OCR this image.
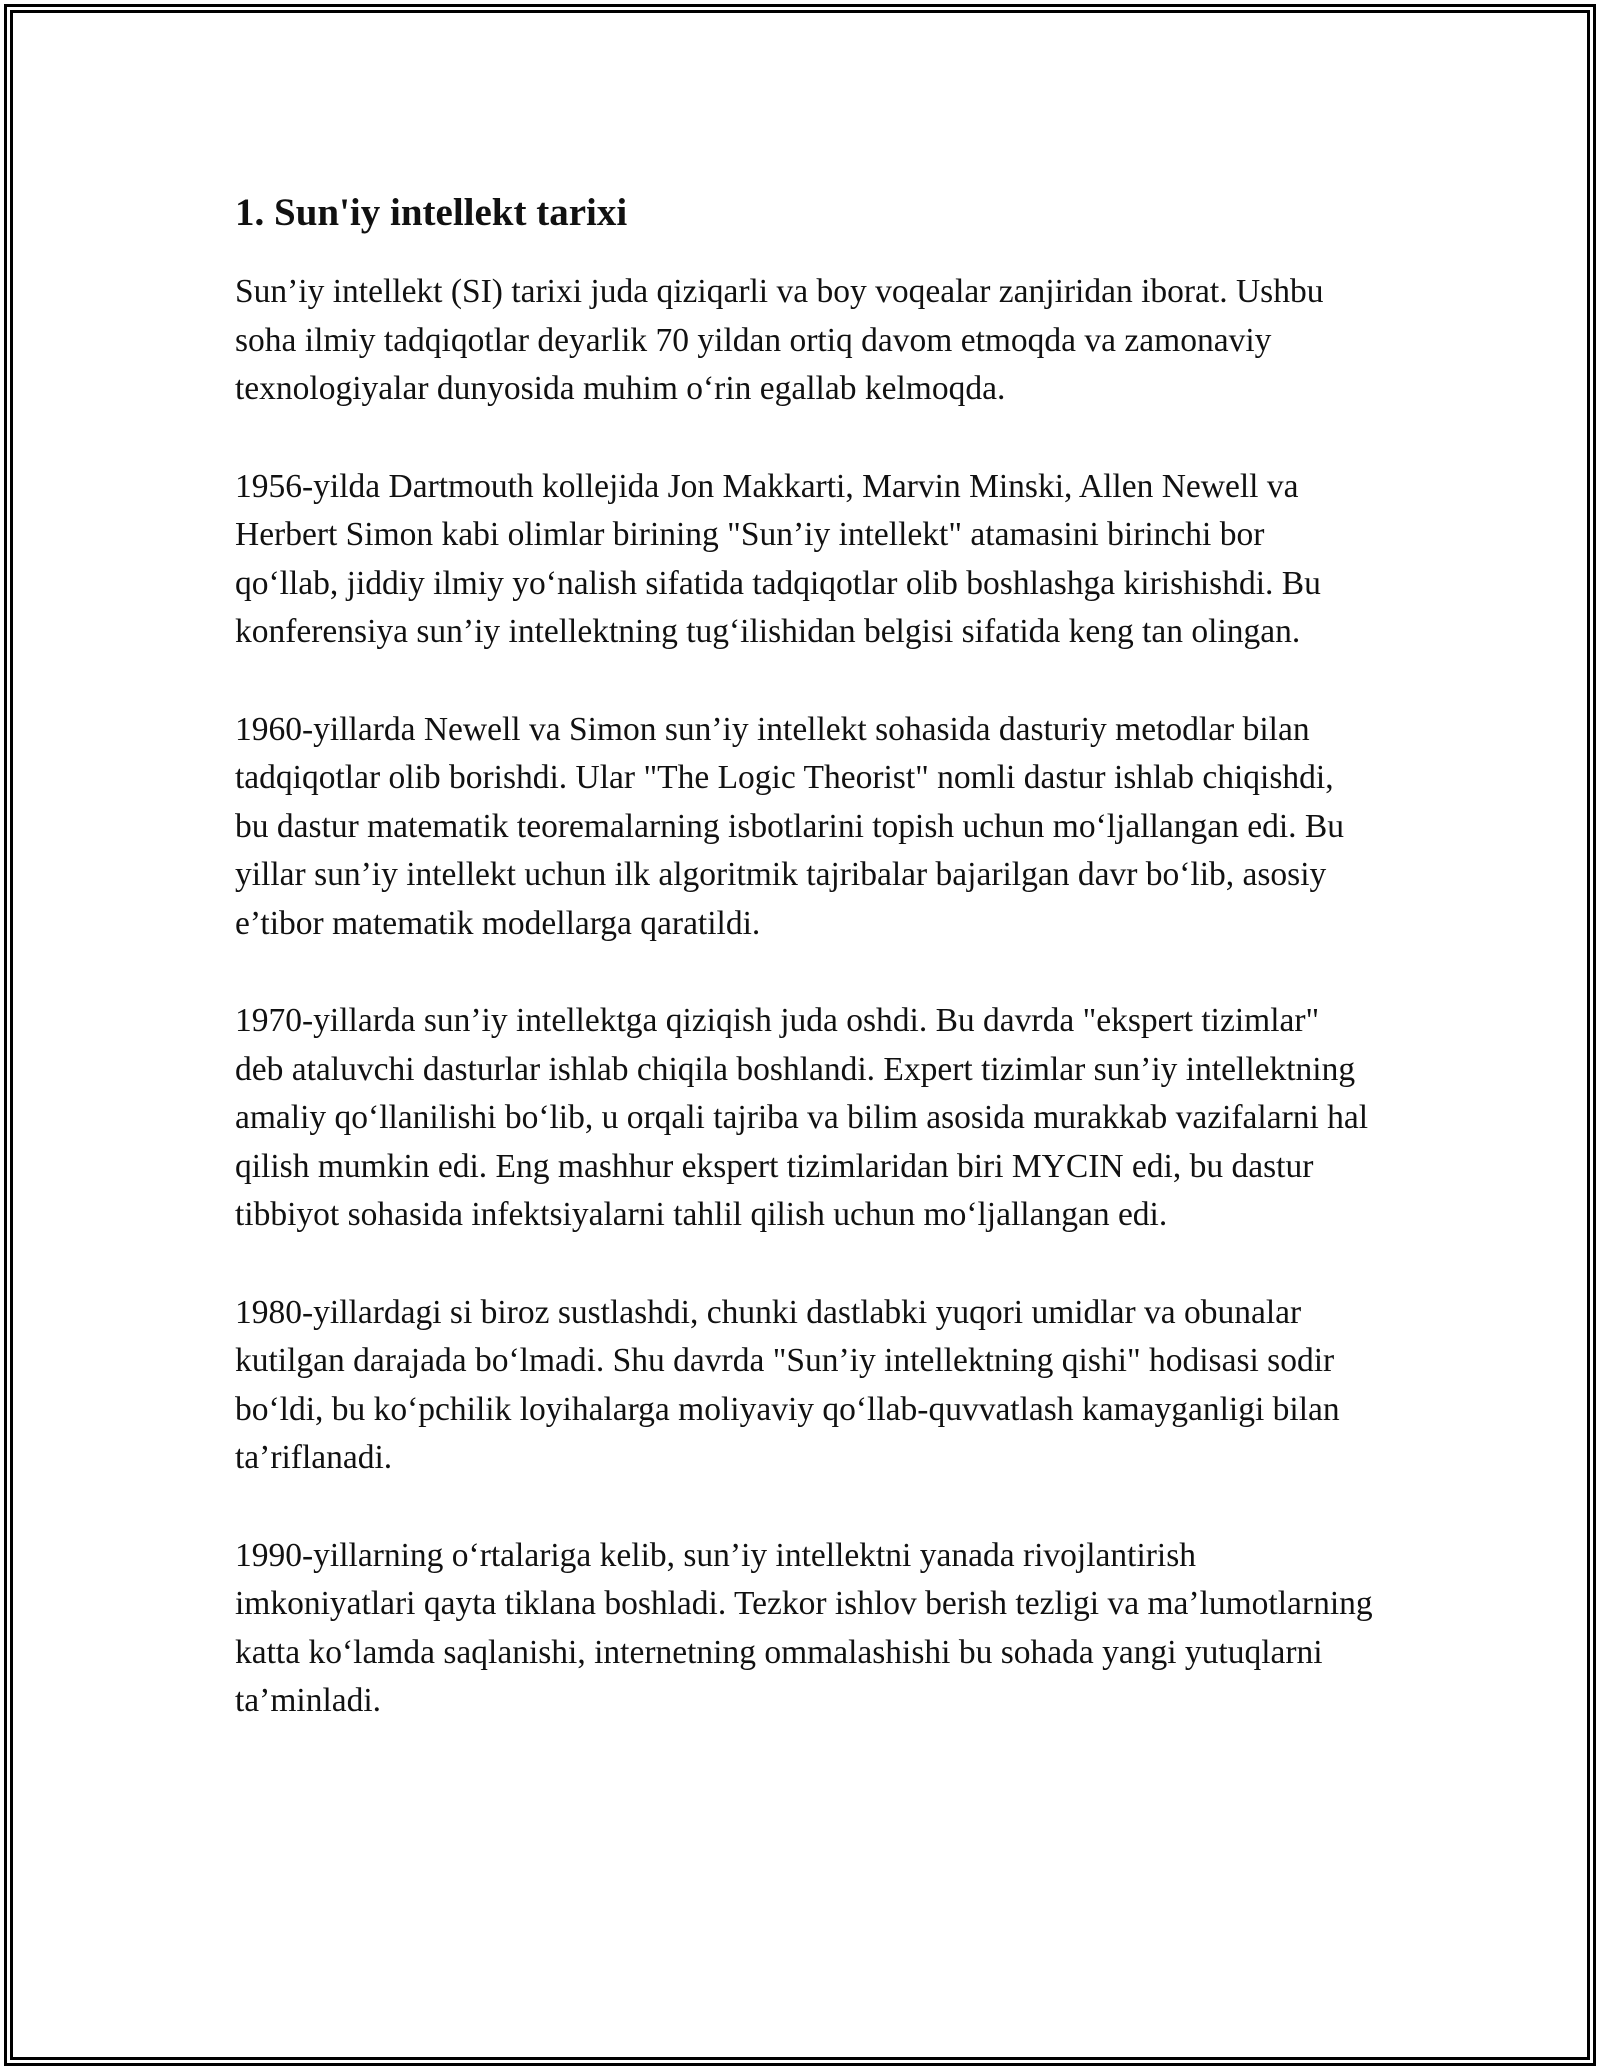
1. Sun'iy intellekt tarixi

Sun’iy intellekt (SI) tarixi juda qiziqarli va boy voqealar zanjiridan iborat. Ushbu soha ilmiy tadqiqotlar deyarlik 70 yildan ortiq davom etmoqda va zamonaviy texnologiyalar dunyosida muhim o‘rin egallab kelmoqda.

1956-yilda Dartmouth kollejida Jon Makkarti, Marvin Minski, Allen Newell va Herbert Simon kabi olimlar birining "Sun’iy intellekt" atamasini birinchi bor qo‘llab, jiddiy ilmiy yo‘nalish sifatida tadqiqotlar olib boshlashga kirishishdi. Bu konferensiya sun’iy intellektning tug‘ilishidan belgisi sifatida keng tan olingan.

1960-yillarda Newell va Simon sun’iy intellekt sohasida dasturiy metodlar bilan tadqiqotlar olib borishdi. Ular "The Logic Theorist" nomli dastur ishlab chiqishdi, bu dastur matematik teoremalarning isbotlarini topish uchun mo‘ljallangan edi. Bu yillar sun’iy intellekt uchun ilk algoritmik tajribalar bajarilgan davr bo‘lib, asosiy e’tibor matematik modellarga qaratildi.

1970-yillarda sun’iy intellektga qiziqish juda oshdi. Bu davrda "ekspert tizimlar" deb ataluvchi dasturlar ishlab chiqila boshlandi. Expert tizimlar sun’iy intellektning amaliy qo‘llanilishi bo‘lib, u orqali tajriba va bilim asosida murakkab vazifalarni hal qilish mumkin edi. Eng mashhur ekspert tizimlaridan biri MYCIN edi, bu dastur tibbiyot sohasida infektsiyalarni tahlil qilish uchun mo‘ljallangan edi.

1980-yillardagi si biroz sustlashdi, chunki dastlabki yuqori umidlar va obunalar kutilgan darajada bo‘lmadi. Shu davrda "Sun’iy intellektning qishi" hodisasi sodir bo‘ldi, bu ko‘pchilik loyihalarga moliyaviy qo‘llab-quvvatlash kamayganligi bilan ta’riflanadi.

1990-yillarning o‘rtalariga kelib, sun’iy intellektni yanada rivojlantirish imkoniyatlari qayta tiklana boshladi. Tezkor ishlov berish tezligi va ma’lumotlarning katta ko‘lamda saqlanishi, internetning ommalashishi bu sohada yangi yutuqlarni ta’minladi.
